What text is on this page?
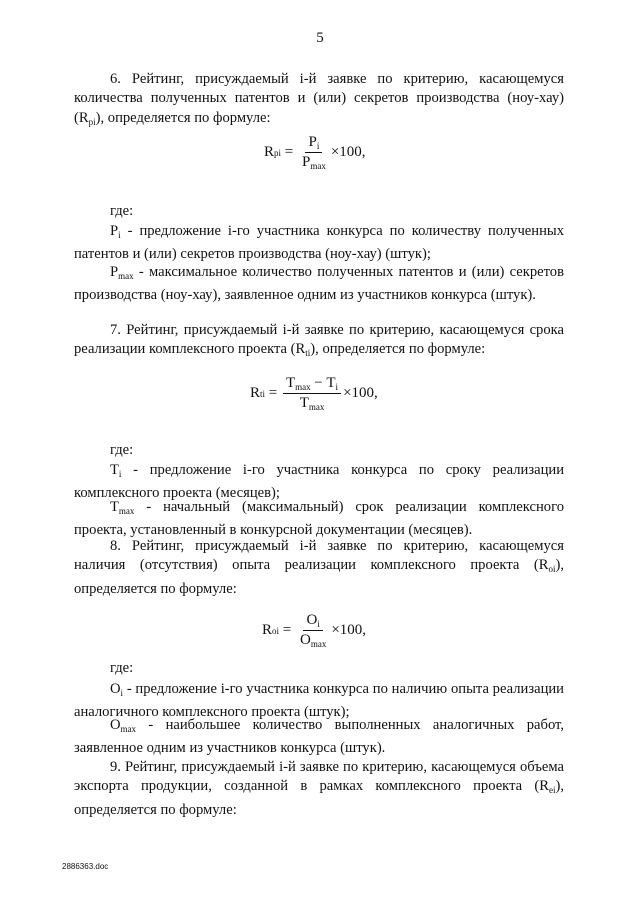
5

6. Рейтинг, присуждаемый i-й заявке по критерию, касающемуся количества полученных патентов и (или) секретов производства (ноу-хау) $(R_{pi})$, определяется по формуле:

R pi = $\frac{P_i}{P_{max}} \times 100$,
где:

$P_i$ - предложение i-го участника конкурса по количеству полученных патентов и (или) секретов производства (ноу-хау) (штук);

$P_{max}$ - максимальное количество полученных патентов и (или) секретов производства (ноу-хау), заявленное одним из участников конкурса (штук).

7. Рейтинг, присуждаемый i-й заявке по критерию, касающемуся срока реализации комплексного проекта $(R_{ti})$, определяется по формуле:

R ti = $\frac{T_{max} - T_i}{T_{max}} \times 100$,
где:

$T_i$ - предложение i-го участника конкурса по сроку реализации комплексного проекта (месяцев);

$T_{max}$ - начальный (максимальный) срок реализации комплексного проекта, установленный в конкурсной документации (месяцев).

8. Рейтинг, присуждаемый i-й заявке по критерию, касающемуся наличия (отсутствия) опыта реализации комплексного проекта $(R_{oi})$, определяется по формуле:

R oi = $\frac{O_i}{O_{max}} \times 100$,
где:

$O_i$ - предложение i-го участника конкурса по наличию опыта реализации аналогичного комплексного проекта (штук);

$O_{max}$ - наибольшее количество выполненных аналогичных работ, заявленное одним из участников конкурса (штук).

9. Рейтинг, присуждаемый i-й заявке по критерию, касающемуся объема экспорта продукции, созданной в рамках комплексного проекта $(R_{ei})$, определяется по формуле:

2886363.doc
